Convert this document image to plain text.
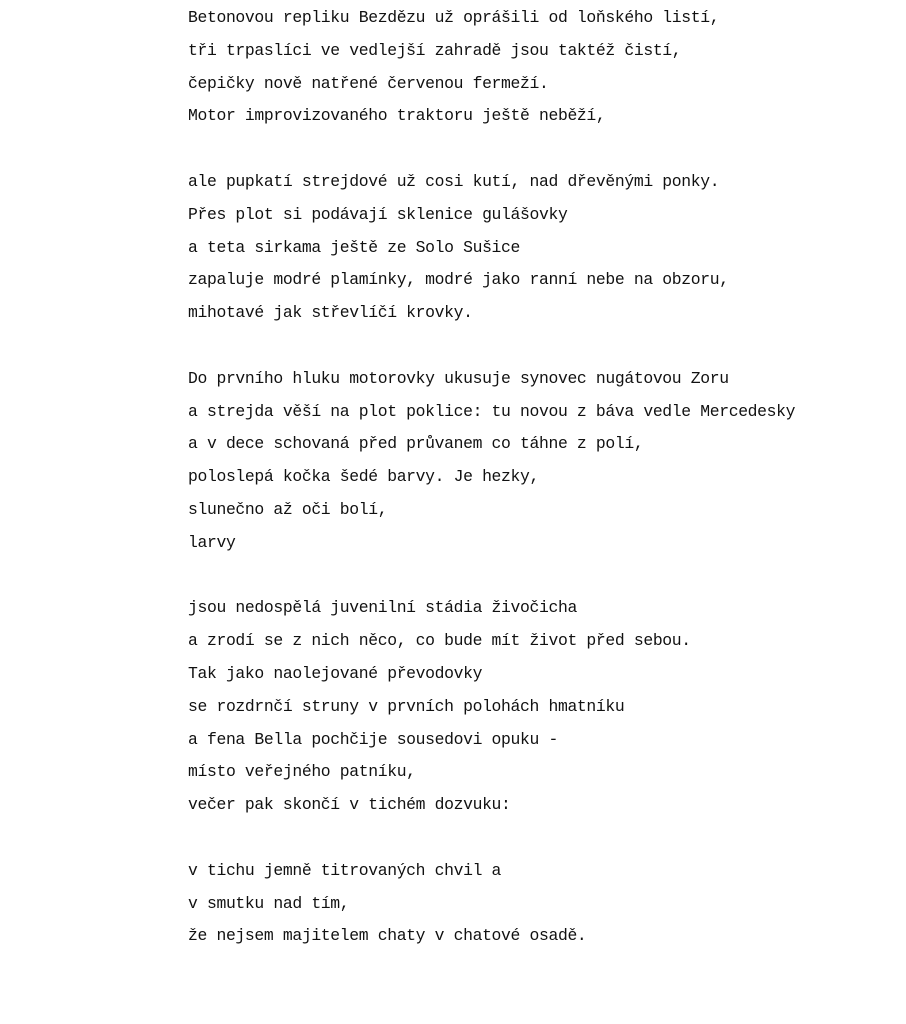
Betonovou repliku Bezdězu už oprášili od loňského listí,
tři trpaslíci ve vedlejší zahradě jsou taktéž čistí,
čepičky nově natřené červenou fermeží.
Motor improvizovaného traktoru ještě neběží,
ale pupkatí strejdové už cosi kutí, nad dřevěnými ponky.
Přes plot si podávají sklenice gulášovky
a teta sirkama ještě ze Solo Sušice
zapaluje modré plamínky, modré jako ranní nebe na obzoru,
mihotavé jak střevlíčí krovky.
Do prvního hluku motorovky ukusuje synovec nugátovou Zoru
a strejda věší na plot poklice: tu novou z báva vedle Mercedesky
a v dece schovaná před průvanem co táhne z polí,
poloslepá kočka šedé barvy. Je hezky,
slunečno až oči bolí,
larvy
jsou nedospělá juvenilní stádia živočicha
a zrodí se z nich něco, co bude mít život před sebou.
Tak jako naolejované převodovky
se rozdrnčí struny v prvních polohách hmatníku
a fena Bella pochčije sousedovi opuku -
místo veřejného patníku,
večer pak skončí v tichém dozvuku:
v tichu jemně titrovaných chvil a
v smutku nad tím,
že nejsem majitelem chaty v chatové osadě.
